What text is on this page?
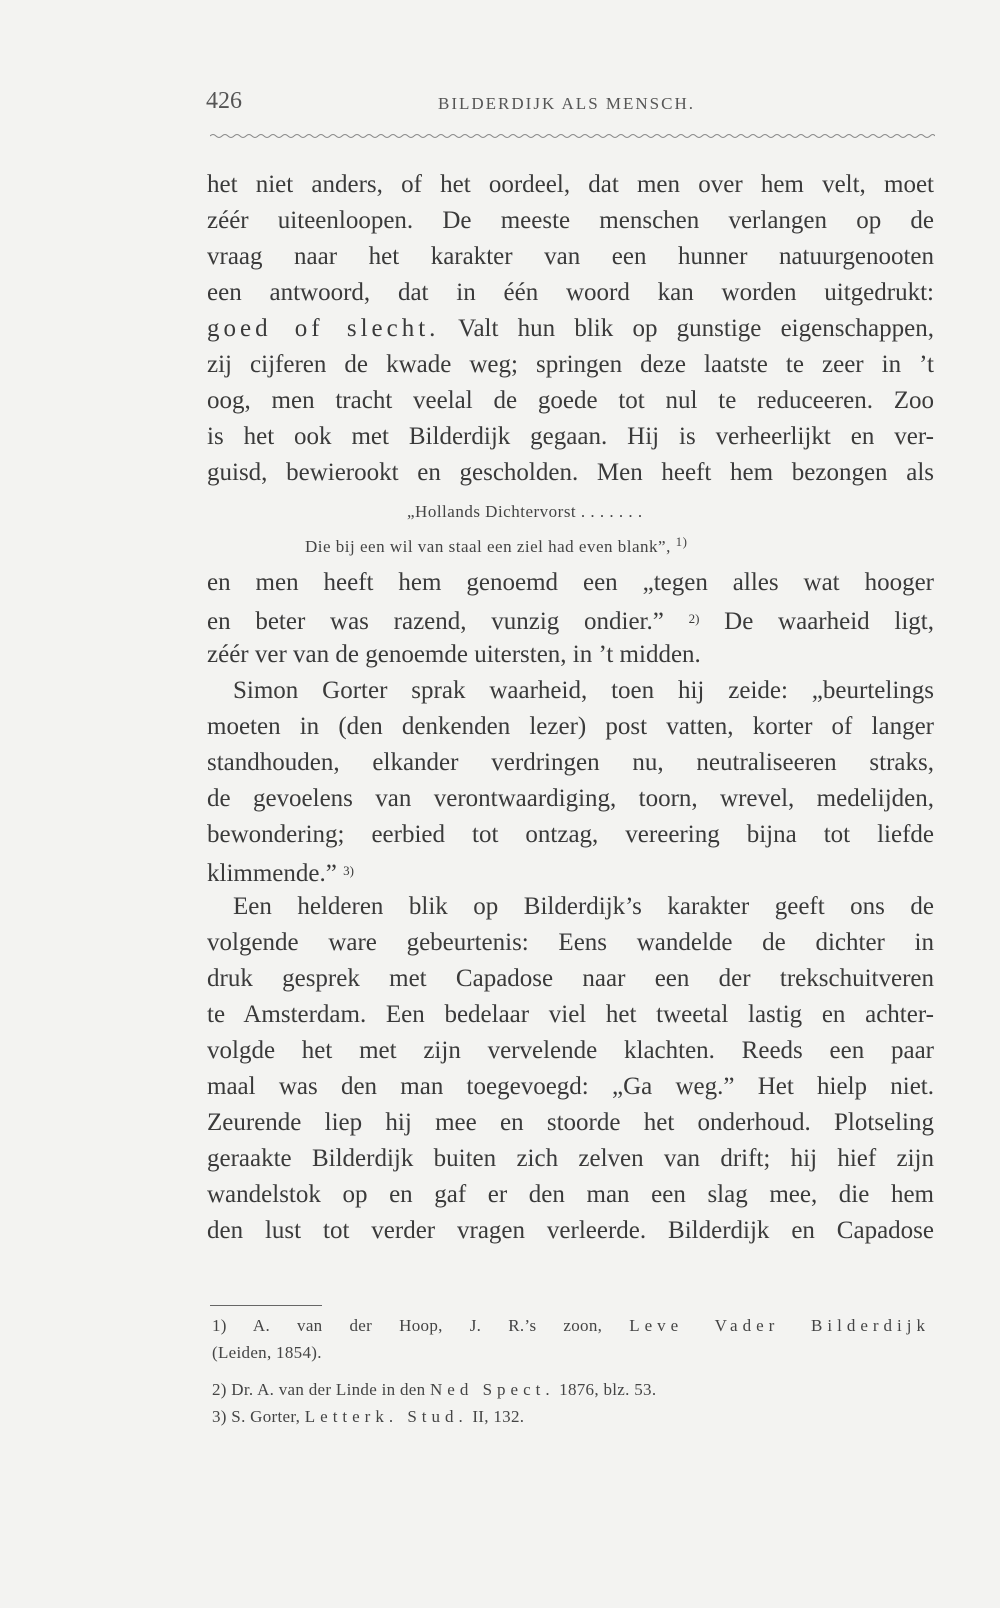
426	BILDERDIJK ALS MENSCH.
het niet anders, of het oordeel, dat men over hem velt, moet
zéér uiteenloopen. De meeste menschen verlangen op de
vraag naar het karakter van een hunner natuurgenooten
een antwoord, dat in één woord kan worden uitgedrukt:
goed of slecht. Valt hun blik op gunstige eigenschappen,
zij cijferen de kwade weg; springen deze laatste te zeer in ’t
oog, men tracht veelal de goede tot nul te reduceeren. Zoo
is het ook met Bilderdijk gegaan. Hij is verheerlijkt en ver-
guisd, bewierookt en gescholden. Men heeft hem bezongen als
„Hollands Dichtervorst . . . . . . .
Die bij een wil van staal een ziel had even blank”, $^{1)}$
en men heeft hem genoemd een „tegen alles wat hooger
en beter was razend, vunzig ondier.” $^{2)}$ De waarheid ligt,
zéér ver van de genoemde uitersten, in ’t midden.
Simon Gorter sprak waarheid, toen hij zeide: „beurtelings
moeten in (den denkenden lezer) post vatten, korter of langer
standhouden, elkander verdringen nu, neutraliseeren straks,
de gevoelens van verontwaardiging, toorn, wrevel, medelijden,
bewondering; eerbied tot ontzag, vereering bijna tot liefde
klimmende.” $^{3)}$
Een helderen blik op Bilderdijk’s karakter geeft ons de
volgende ware gebeurtenis: Eens wandelde de dichter in
druk gesprek met Capadose naar een der trekschuitveren
te Amsterdam. Een bedelaar viel het tweetal lastig en achter-
volgde het met zijn vervelende klachten. Reeds een paar
maal was den man toegevoegd: „Ga weg.” Het hielp niet.
Zeurende liep hij mee en stoorde het onderhoud. Plotseling
geraakte Bilderdijk buiten zich zelven van drift; hij hief zijn
wandelstok op en gaf er den man een slag mee, die hem
den lust tot verder vragen verleerde. Bilderdijk en Capadose
1) A. van der Hoop, J. R.’s zoon, Leve Vader Bilderdijk
(Leiden, 1854).
2) Dr. A. van der Linde in den Ned Spect. 1876, blz. 53.
3) S. Gorter, Letterk. Stud. II, 132.
